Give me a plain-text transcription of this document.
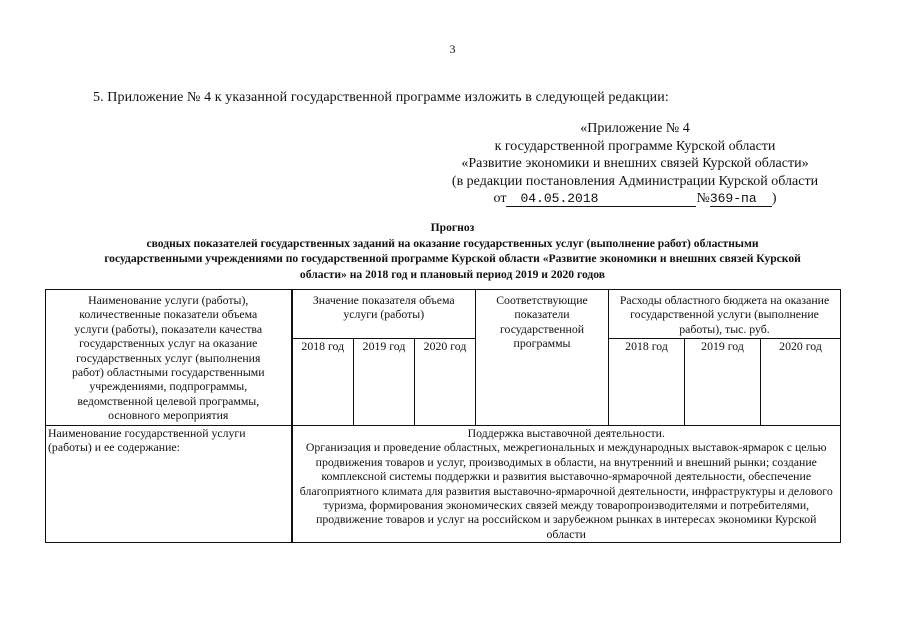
3
5. Приложение № 4 к указанной государственной программе изложить в следующей редакции:
«Приложение № 4
к государственной программе Курской области
«Развитие экономики и внешних связей Курской области»
(в редакции постановления Администрации Курской области
от 04.05.2018	№369-па )
Прогноз
сводных показателей государственных заданий на оказание государственных услуг (выполнение работ) областными
государственными учреждениями по государственной программе Курской области «Развитие экономики и внешних связей Курской
области» на 2018 год и плановый период 2019 и 2020 годов
Наименование услуги (работы), количественные показатели объема услуги (работы), показатели качества государственных услуг на оказание государственных услуг (выполнения работ) областными государственными учреждениями, подпрограммы, ведомственной целевой программы, основного мероприятия	Значение показателя объема услуги (работы)			Соответствующие показатели государственной программы	Расходы областного бюджета на оказание государственной услуги (выполнение работы), тыс. руб.		

	2018 год	2019 год	2020 год		2018 год	2019 год	2020 год

Наименование государственной услуги (работы) и ее содержание:	Поддержка выставочной деятельности.
Организация и проведение областных, межрегиональных и международных выставок-ярмарок с целью продвижения товаров и услуг, производимых в области, на внутренний и внешний рынки; создание комплексной системы поддержки и развития выставочно-ярмарочной деятельности, обеспечение благоприятного климата для развития выставочно-ярмарочной деятельности, инфраструктуры и делового туризма, формирования экономических связей между товаропроизводителями и потребителями, продвижение товаров и услуг на российском и зарубежном рынках в интересах экономики Курской области						
